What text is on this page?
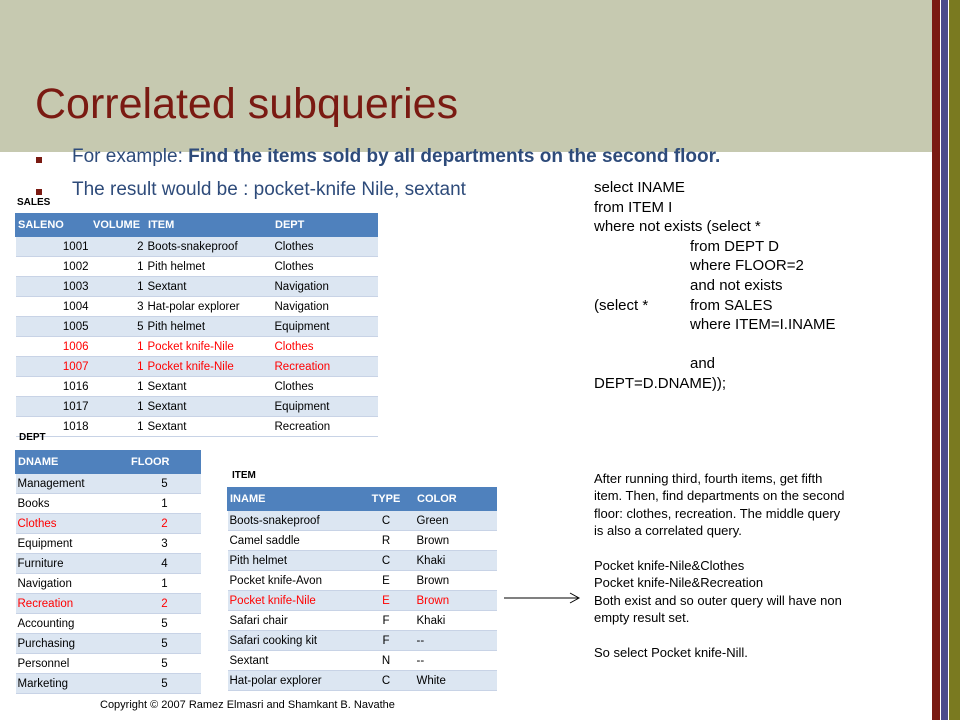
Correlated subqueries
For example: Find the items sold by all departments on the second floor.
The result would be : pocket-knife Nile, sextant
SALES
SALENO	VOLUME	ITEM	DEPT
1001	2	Boots-snakeproof	Clothes
1002	1	Pith helmet	Clothes
1003	1	Sextant	Navigation
1004	3	Hat-polar explorer	Navigation
1005	5	Pith helmet	Equipment
1006	1	Pocket knife-Nile	Clothes
1007	1	Pocket knife-Nile	Recreation
1016	1	Sextant	Clothes
1017	1	Sextant	Equipment
1018	1	Sextant	Recreation
DEPT
DNAME	FLOOR
Management	5
Books	1
Clothes	2
Equipment	3
Furniture	4
Navigation	1
Recreation	2
Accounting	5
Purchasing	5
Personnel	5
Marketing	5
ITEM
INAME	TYPE	COLOR
Boots-snakeproof	C	Green
Camel saddle	R	Brown
Pith helmet	C	Khaki
Pocket knife-Avon	E	Brown
Pocket knife-Nile	E	Brown
Safari chair	F	Khaki
Safari cooking kit	F	--
Sextant	N	--
Hat-polar explorer	C	White
select INAME
from ITEM I
where not exists (select *
from DEPT D
where FLOOR=2
and not exists
(select *	from SALES
where ITEM=I.INAME
and
DEPT=D.DNAME));
After running third, fourth items, get fifth
item. Then, find departments on the second
floor: clothes, recreation. The middle query
is also a correlated query.
Pocket knife-Nile&Clothes
Pocket knife-Nile&Recreation
Both exist and so outer query will have non
empty result set.
So select Pocket knife-Nill.
Copyright © 2007 Ramez Elmasri and Shamkant B. Navathe
